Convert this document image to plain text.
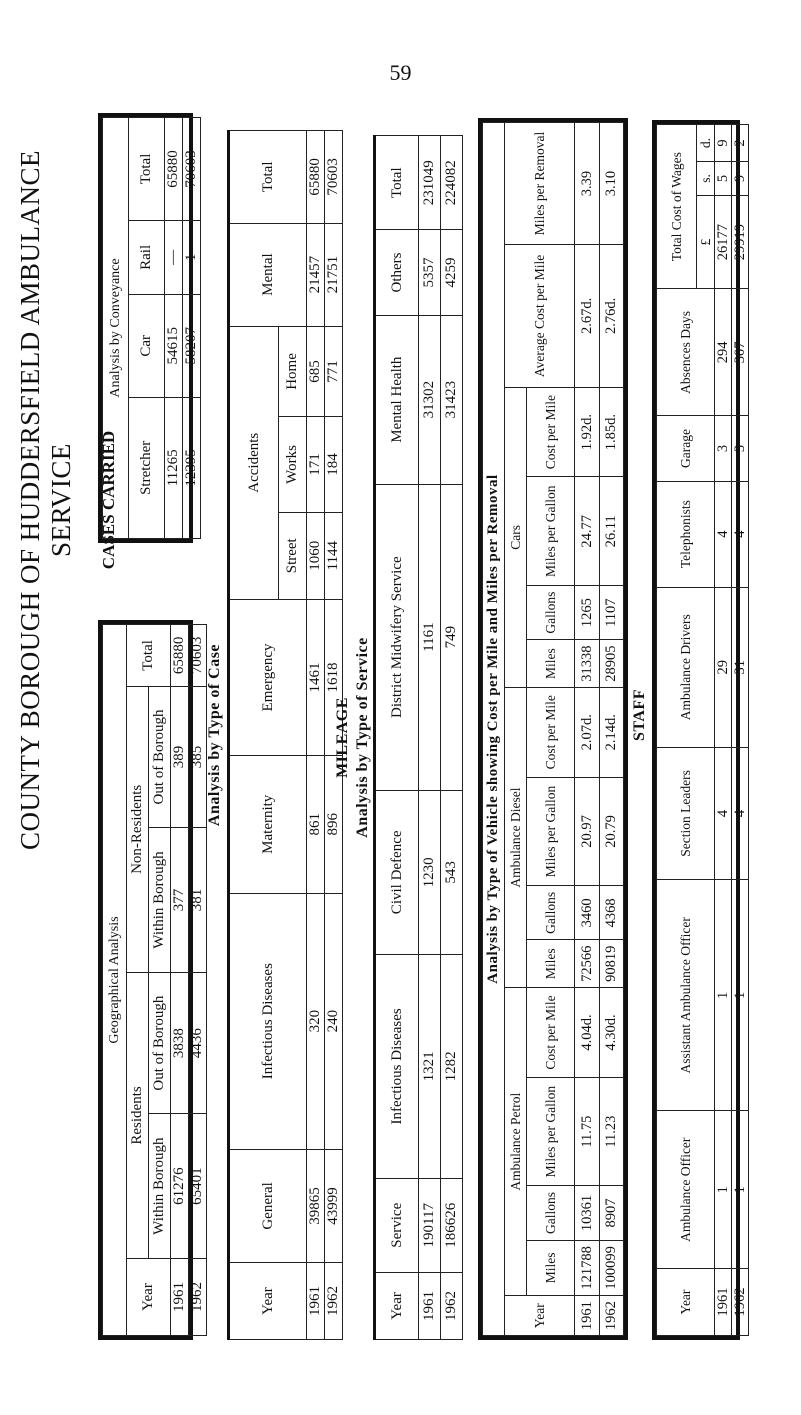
59
COUNTY BOROUGH OF HUDDERSFIELD AMBULANCE SERVICE CASES CARRIED
Geographical Analysis					
Year	Residents		Non-Residents		Total
	Within Borough	Out of Borough	Within Borough	Out of Borough	
1961	61276	3838	377	389	65880
1962	65401	4436	381	385	70603
Analysis by Conveyance			
Stretcher	Car	Rail	Total
11265	54615	—	65880
12395	58207	1	70603
Analysis by Type of Case
Year	General	Infectious Diseases	Maternity	Emergency	Accidents			Mental	Total
					Street	Works	Home		
1961	39865	320	861	1461	1060	171	685	21457	65880
1962	43999	240	896	1618	1144	184	771	21751	70603
MILEAGE Analysis by Type of Service
Year	Service	Infectious Diseases	Civil Defence	District Midwifery Service	Mental Health	Others	Total
1961	190117	1321	1230	1161	31302	5357	231049
1962	186626	1282	543	749	31423	4259	224082
Analysis by Type of Vehicle showing Cost per Mile and Miles per Removal														
Year	Ambulance Petrol				Ambulance Diesel				Cars				Average Cost per Mile	Miles per Removal
	Miles	Gallons	Miles per Gallon	Cost per Mile	Miles	Gallons	Miles per Gallon	Cost per Mile	Miles	Gallons	Miles per Gallon	Cost per Mile		
1961	121788	10361	11.75	4.04d.	72566	3460	20.97	2.07d.	31338	1265	24.77	1.92d.	2.67d.	3.39
1962	100099	8907	11.23	4.30d.	90819	4368	20.79	2.14d.	28905	1107	26.11	1.85d.	2.76d.	3.10
STAFF
Year	Ambulance Officer	Assistant Ambulance Officer	Section Leaders	Ambulance Drivers	Telephonists	Garage	Absences Days	Total Cost of Wages		
								£	s.	d.
1961	1	1	4	29	4	3	294	26177	5	9
1962	1	1	4	31	4	3	307	29919	9	2
